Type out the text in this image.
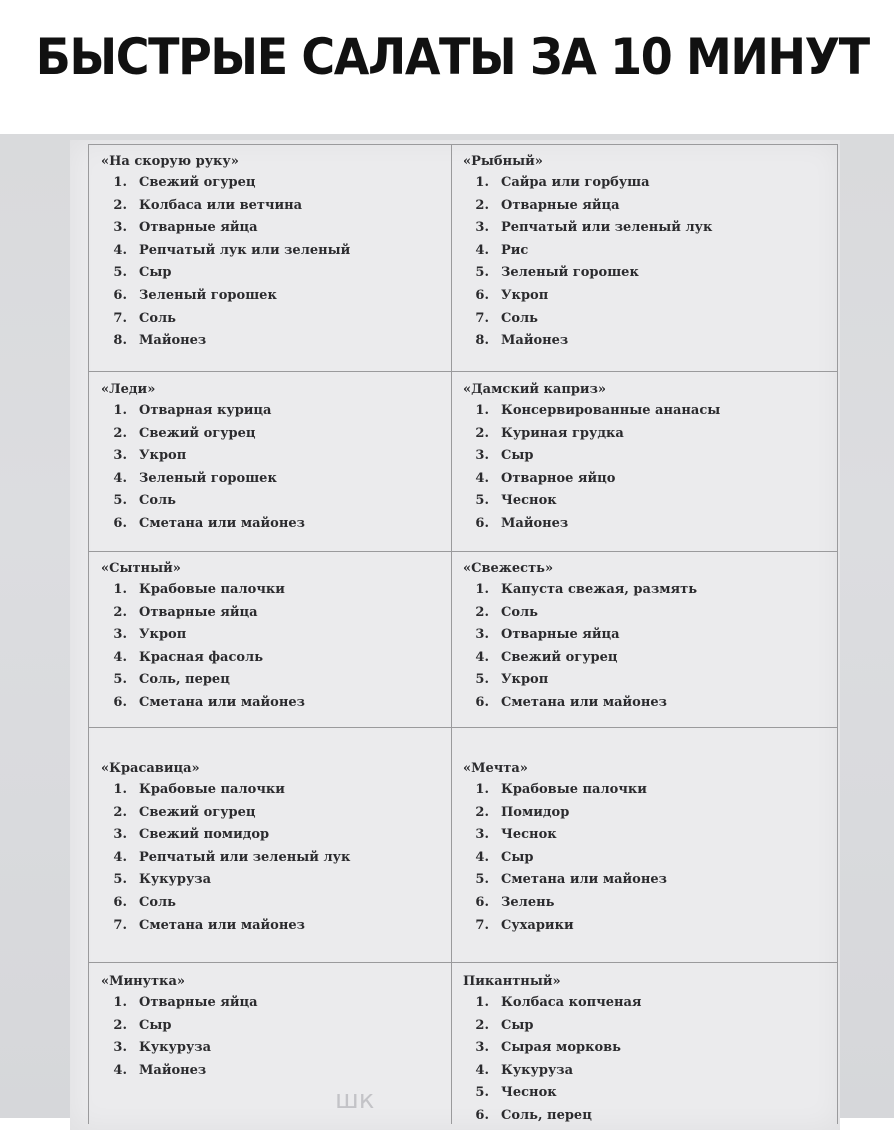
БЫСТРЫЕ САЛАТЫ ЗА 10 МИНУТ
«На скорую руку»
1. Свежий огурец
2. Колбаса или ветчина
3. Отварные яйца
4. Репчатый лук или зеленый
5. Сыр
6. Зеленый горошек
7. Соль
8. Майонез
«Рыбный»
1. Сайра или горбуша
2. Отварные яйца
3. Репчатый или зеленый лук
4. Рис
5. Зеленый горошек
6. Укроп
7. Соль
8. Майонез
«Леди»
1. Отварная курица
2. Свежий огурец
3. Укроп
4. Зеленый горошек
5. Соль
6. Сметана или майонез
«Дамский каприз»
1. Консервированные ананасы
2. Куриная грудка
3. Сыр
4. Отварное яйцо
5. Чеснок
6. Майонез
«Сытный»
1. Крабовые палочки
2. Отварные яйца
3. Укроп
4. Красная фасоль
5. Соль, перец
6. Сметана или майонез
«Свежесть»
1. Капуста свежая, размять
2. Соль
3. Отварные яйца
4. Свежий огурец
5. Укроп
6. Сметана или майонез
«Красавица»
1. Крабовые палочки
2. Свежий огурец
3. Свежий помидор
4. Репчатый или зеленый лук
5. Кукуруза
6. Соль
7. Сметана или майонез
«Мечта»
1. Крабовые палочки
2. Помидор
3. Чеснок
4. Сыр
5. Сметана или майонез
6. Зелень
7. Сухарики
«Минутка»
1. Отварные яйца
2. Сыр
3. Кукуруза
4. Майонез
Пикантный»
1. Колбаса копченая
2. Сыр
3. Сырая морковь
4. Кукуруза
5. Чеснок
6. Соль, перец
шк
